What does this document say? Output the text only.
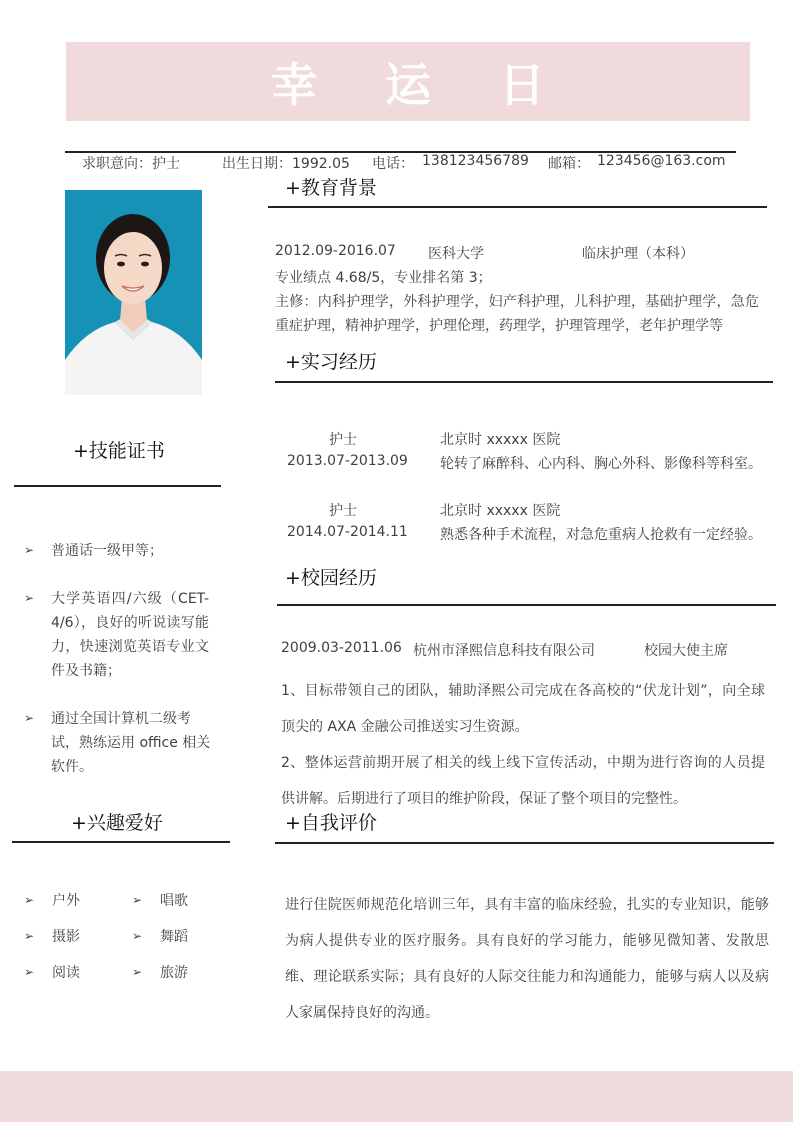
幸 运 日
求职意向：护士	出生日期：1992.05 电话： 138123456789 邮箱： 123456@163.com
+技能证书
➢ 普通话一级甲等；
➢ 大学英语四/六级（CET-4/6），良好的听说读写能力，快速浏览英语专业文件及书籍；
➢ 通过全国计算机二级考试，熟练运用 office 相关软件。
+兴趣爱好
➢ 户外	➢ 唱歌
➢ 摄影	➢ 舞蹈
➢ 阅读	➢ 旅游
+教育背景
2012.09-2016.07 医科大学	临床护理（本科）
专业绩点 4.68/5，专业排名第 3；
主修：内科护理学，外科护理学，妇产科护理，儿科护理，基础护理学，急危重症护理，精神护理学，护理伦理，药理学，护理管理学，老年护理学等
+实习经历
护士
2013.07-2013.09
北京时 xxxxx 医院
轮转了麻醉科、心内科、胸心外科、影像科等科室。
护士
2014.07-2014.11
北京时 xxxxx 医院
熟悉各种手术流程，对急危重病人抢救有一定经验。
+校园经历
2009.03-2011.06 杭州市泽熙信息科技有限公司	校园大使主席
1、目标带领自己的团队，辅助泽熙公司完成在各高校的“伏龙计划”，向全球顶尖的 AXA 金融公司推送实习生资源。
2、整体运营前期开展了相关的线上线下宣传活动，中期为进行咨询的人员提供讲解。后期进行了项目的维护阶段，保证了整个项目的完整性。
+自我评价
进行住院医师规范化培训三年，具有丰富的临床经验，扎实的专业知识，能够为病人提供专业的医疗服务。具有良好的学习能力，能够见微知著、发散思维、理论联系实际；具有良好的人际交往能力和沟通能力，能够与病人以及病人家属保持良好的沟通。
